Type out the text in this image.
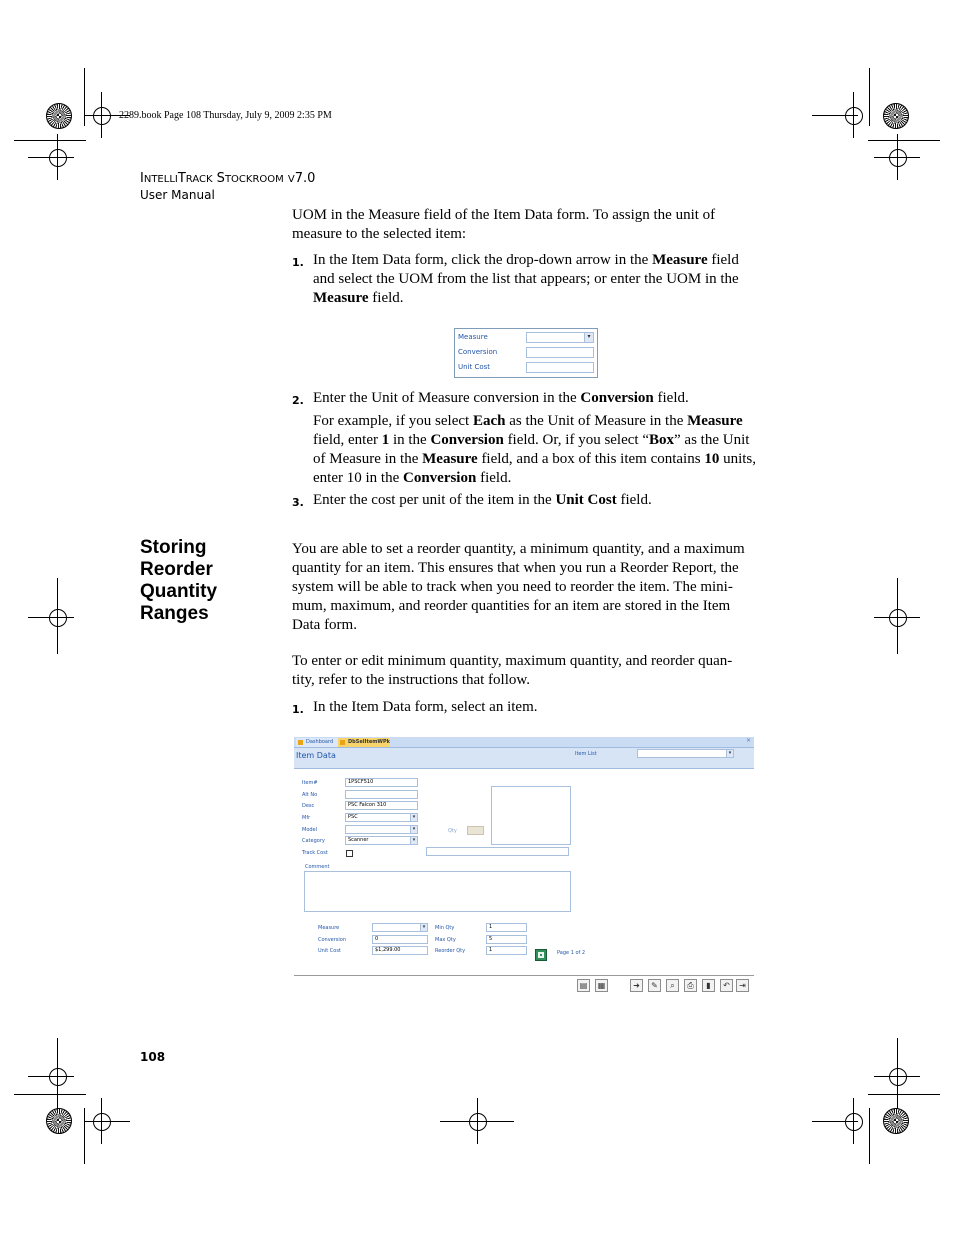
2289.book Page 108 Thursday, July 9, 2009 2:35 PM
INTELLITRACK STOCKROOM V7.0
User Manual
UOM in the Measure field of the Item Data form. To assign the unit of measure to the selected item:
1. In the Item Data form, click the drop-down arrow in the Measure field and select the UOM from the list that appears; or enter the UOM in the Measure field.
Measure	▾
Conversion
Unit Cost
2. Enter the Unit of Measure conversion in the Conversion field.
For example, if you select Each as the Unit of Measure in the Measure field, enter 1 in the Conversion field. Or, if you select “Box” as the Unit of Measure in the Measure field, and a box of this item contains 10 units, enter 10 in the Conversion field.
3. Enter the cost per unit of the item in the Unit Cost field.
Storing
Reorder
Quantity
Ranges
You are able to set a reorder quantity, a minimum quantity, and a maximum quantity for an item. This ensures that when you run a Reorder Report, the system will be able to track when you need to reorder the item. The mini- mum, maximum, and reorder quantities for an item are stored in the Item Data form.
To enter or edit minimum quantity, maximum quantity, and reorder quan- tity, refer to the instructions that follow.
1. In the Item Data form, select an item.
Dashboard	DbSeIItemWPk	×
Item Data	Item List	▾
Item#	1PSCF510
Alt No
Desc	PSC Falcon 310
Mfr	PSC	▾
Model	▾
Category	Scanner	▾
Track Cost
Qty
Comment
Measure	▾
Conversion	0
Unit Cost	$1,299.00
Min Qty	1
Max Qty	5
Reorder Qty	1	Page 1 of 2
▤	▦	➜	✎	⌕	⎙	▮	↶	⇥
108
